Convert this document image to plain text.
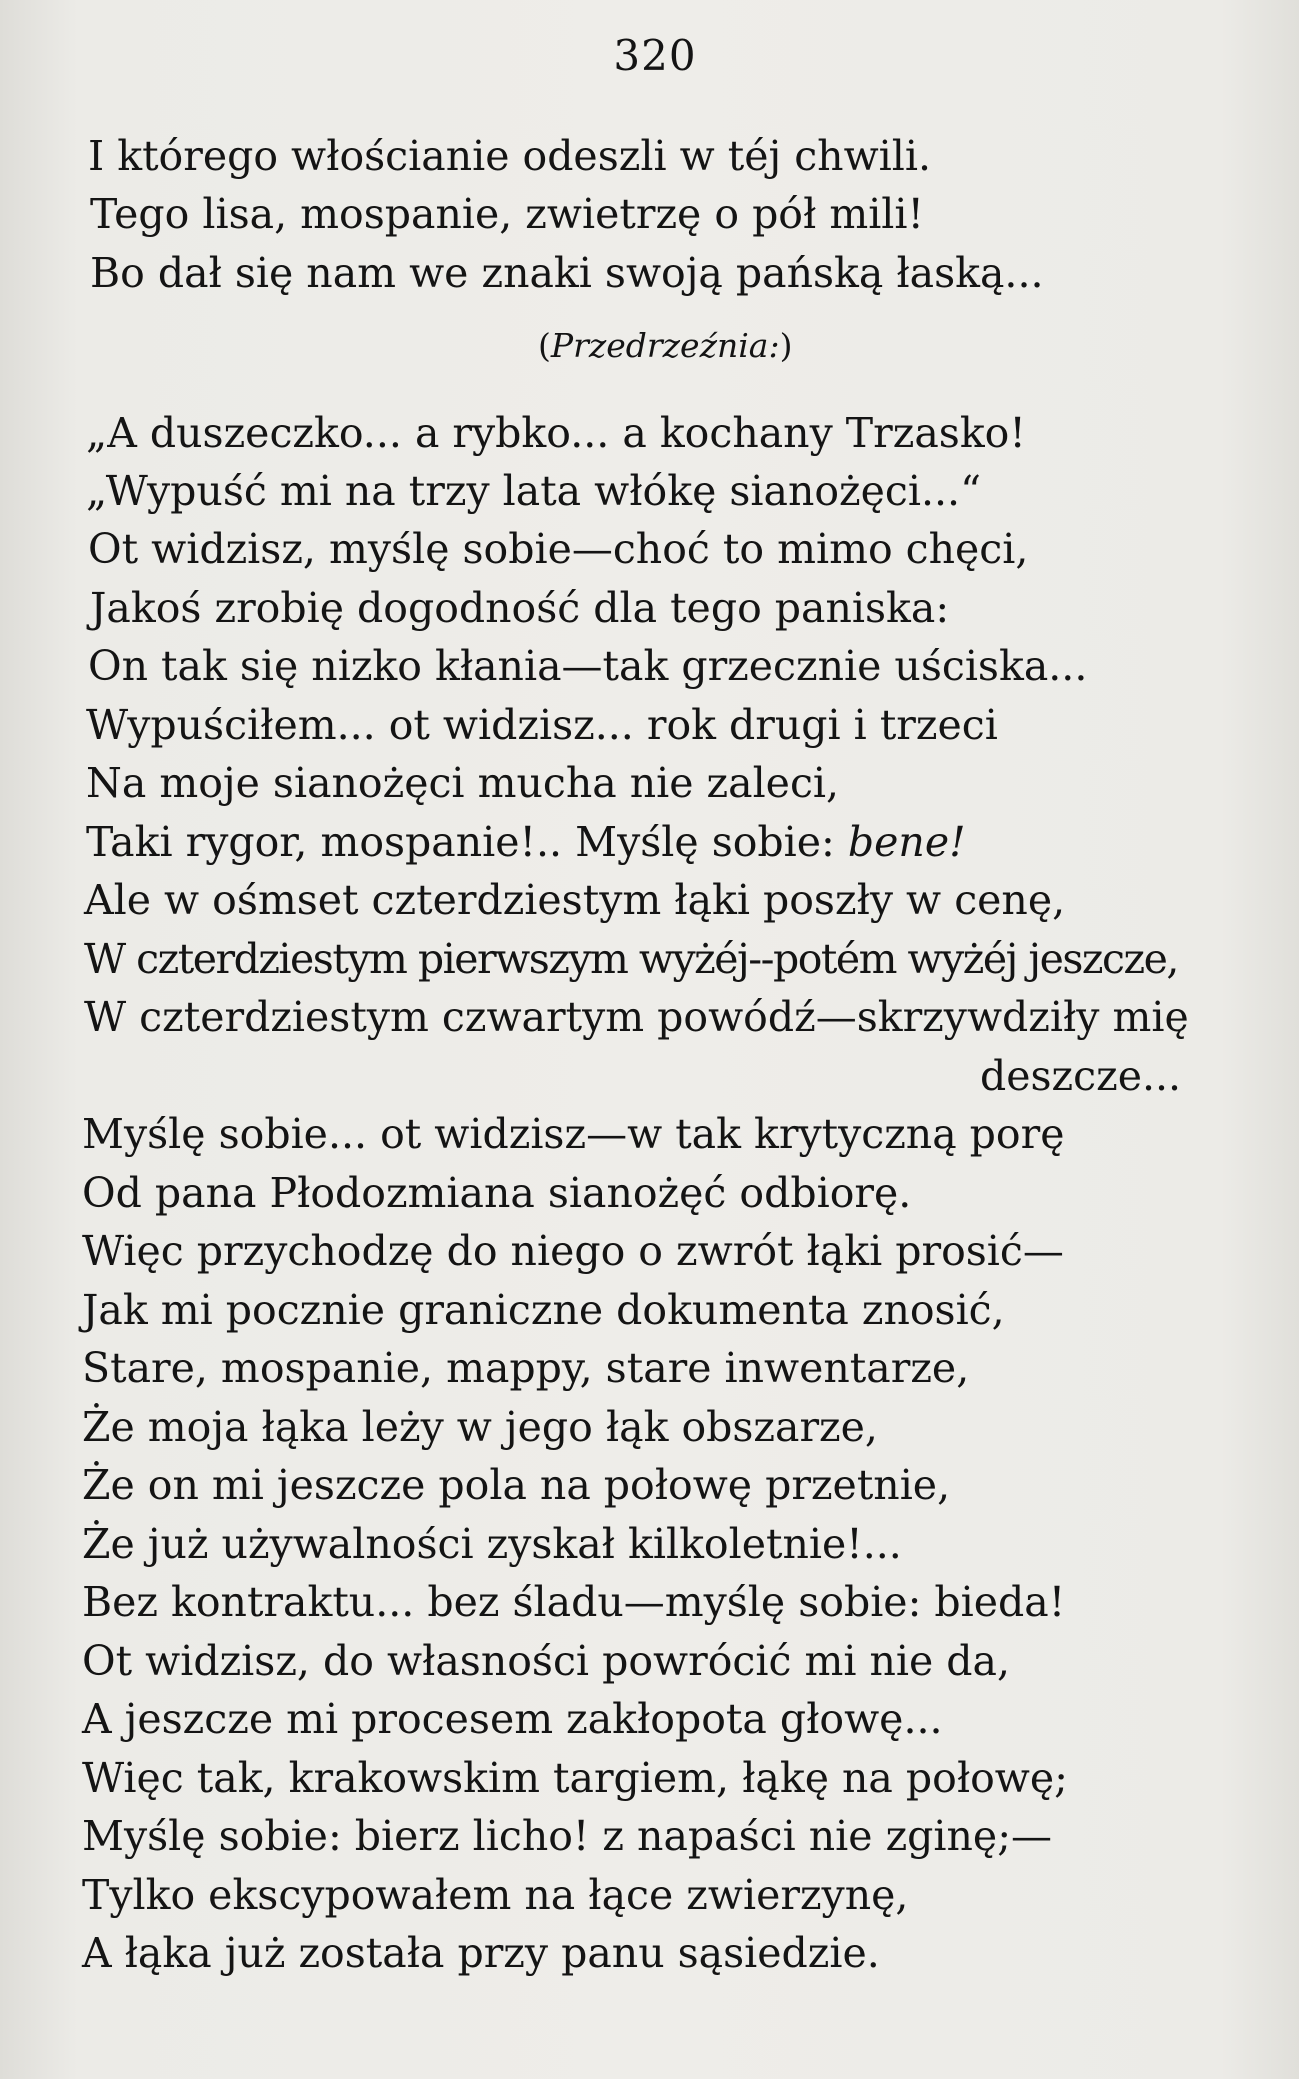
320
I którego włościanie odeszli w téj chwili.
Tego lisa, mospanie, zwietrzę o pół mili!
Bo dał się nam we znaki swoją pańską łaską...
(Przedrzeźnia:)
„A duszeczko... a rybko... a kochany Trzasko!
„Wypuść mi na trzy lata włókę sianożęci...“
Ot widzisz, myślę sobie—choć to mimo chęci,
Jakoś zrobię dogodność dla tego paniska:
On tak się nizko kłania—tak grzecznie uściska...
Wypuściłem... ot widzisz... rok drugi i trzeci
Na moje sianożęci mucha nie zaleci,
Taki rygor, mospanie!.. Myślę sobie: bene!
Ale w ośmset czterdziestym łąki poszły w cenę,
W czterdziestym pierwszym wyżéj--potém wyżéj jeszcze,
W czterdziestym czwartym powódź—skrzywdziły mię
deszcze...
Myślę sobie... ot widzisz—w tak krytyczną porę
Od pana Płodozmiana sianożęć odbiorę.
Więc przychodzę do niego o zwrót łąki prosić—
Jak mi pocznie graniczne dokumenta znosić,
Stare, mospanie, mappy, stare inwentarze,
Że moja łąka leży w jego łąk obszarze,
Że on mi jeszcze pola na połowę przetnie,
Że już używalności zyskał kilkoletnie!...
Bez kontraktu... bez śladu—myślę sobie: bieda!
Ot widzisz, do własności powrócić mi nie da,
A jeszcze mi procesem zakłopota głowę...
Więc tak, krakowskim targiem, łąkę na połowę;
Myślę sobie: bierz licho! z napaści nie zginę;—
Tylko ekscypowałem na łące zwierzynę,
A łąka już została przy panu sąsiedzie.
